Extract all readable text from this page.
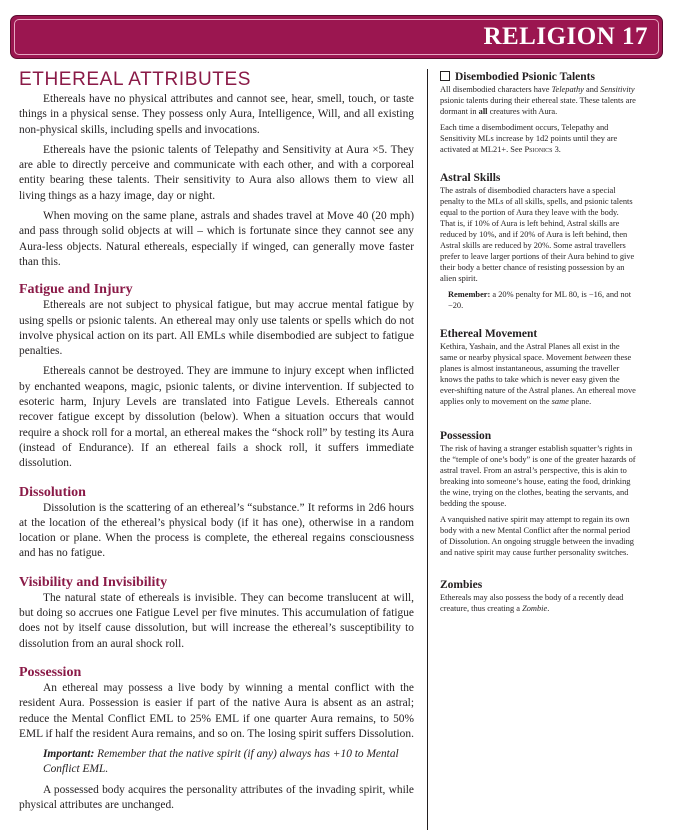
RELIGION 17
ETHEREAL ATTRIBUTES

Ethereals have no physical attributes and cannot see, hear, smell, touch, or taste things in a physical sense. They possess only Aura, Intelligence, Will, and all existing non-physical skills, including spells and invocations.

Ethereals have the psionic talents of Telepathy and Sensitivity at Aura ×5. They are able to directly perceive and communicate with each other, and with a corporeal entity bearing these talents. Their sensitivity to Aura also allows them to view all living things as a hazy image, day or night.

When moving on the same plane, astrals and shades travel at Move 40 (20 mph) and pass through solid objects at will – which is fortunate since they cannot see any Aura-less objects. Natural ethereals, especially if winged, can generally move faster than this.

Fatigue and Injury

Ethereals are not subject to physical fatigue, but may accrue mental fatigue by using spells or psionic talents. An ethereal may only use talents or spells which do not involve physical action on its part. All EMLs while disembodied are subject to fatigue penalties.

Ethereals cannot be destroyed. They are immune to injury except when inflicted by enchanted weapons, magic, psionic talents, or divine intervention. If subjected to esoteric harm, Injury Levels are translated into Fatigue Levels. Ethereals cannot recover fatigue except by dissolution (below). When a situation occurs that would require a shock roll for a mortal, an ethereal makes the “shock roll” by testing its Aura (instead of Endurance). If an ethereal fails a shock roll, it suffers immediate dissolution.

Dissolution

Dissolution is the scattering of an ethereal’s “substance.” It reforms in 2d6 hours at the location of the ethereal’s physical body (if it has one), otherwise in a random location or plane. When the process is complete, the ethereal regains consciousness and has no fatigue.

Visibility and Invisibility

The natural state of ethereals is invisible. They can become translucent at will, but doing so accrues one Fatigue Level per five minutes. This accumulation of fatigue does not by itself cause dissolution, but will increase the ethereal’s susceptibility to dissolution from an aural shock roll.

Possession

An ethereal may possess a live body by winning a mental conflict with the resident Aura. Possession is easier if part of the native Aura is absent as an astral; reduce the Mental Conflict EML to 25% EML if one quarter Aura remains, to 50% EML if half the resident Aura remains, and so on. The losing spirit suffers Dissolution.

Important: Remember that the native spirit (if any) always has +10 to Mental Conflict EML.

A possessed body acquires the personality attributes of the invading spirit, while physical attributes are unchanged.

Disembodied Psionic Talents

All disembodied characters have Telepathy and Sensitivity psionic talents during their ethereal state. These talents are dormant in all creatures with Aura.

Each time a disembodiment occurs, Telepathy and Sensitivity MLs increase by 1d2 points until they are activated at ML21+. See Psionics 3.

Astral Skills

The astrals of disembodied characters have a special penalty to the MLs of all skills, spells, and psionic talents equal to the portion of Aura they leave with the body. That is, if 10% of Aura is left behind, Astral skills are reduced by 10%, and if 20% of Aura is left behind, then Astral skills are reduced by 20%. Some astral travellers prefer to leave larger portions of their Aura behind to give their body a better chance of resisting possession by an alien spirit.

Remember: a 20% penalty for ML 80, is −16, and not −20.

Ethereal Movement

Kethira, Yashain, and the Astral Planes all exist in the same or nearby physical space. Movement between these planes is almost instantaneous, assuming the traveller knows the paths to take which is never easy given the ever-shifting nature of the Astral planes. An ethereal move applies only to movement on the same plane.

Possession

The risk of having a stranger establish squatter’s rights in the “temple of one’s body” is one of the greater hazards of astral travel. From an astral’s perspective, this is akin to breaking into someone’s house, eating the food, drinking the wine, trying on the clothes, beating the servants, and bedding the spouse.

A vanquished native spirit may attempt to regain its own body with a new Mental Conflict after the normal period of Dissolution. An ongoing struggle between the invading and native spirit may cause further personality switches.

Zombies

Ethereals may also possess the body of a recently dead creature, thus creating a Zombie.
